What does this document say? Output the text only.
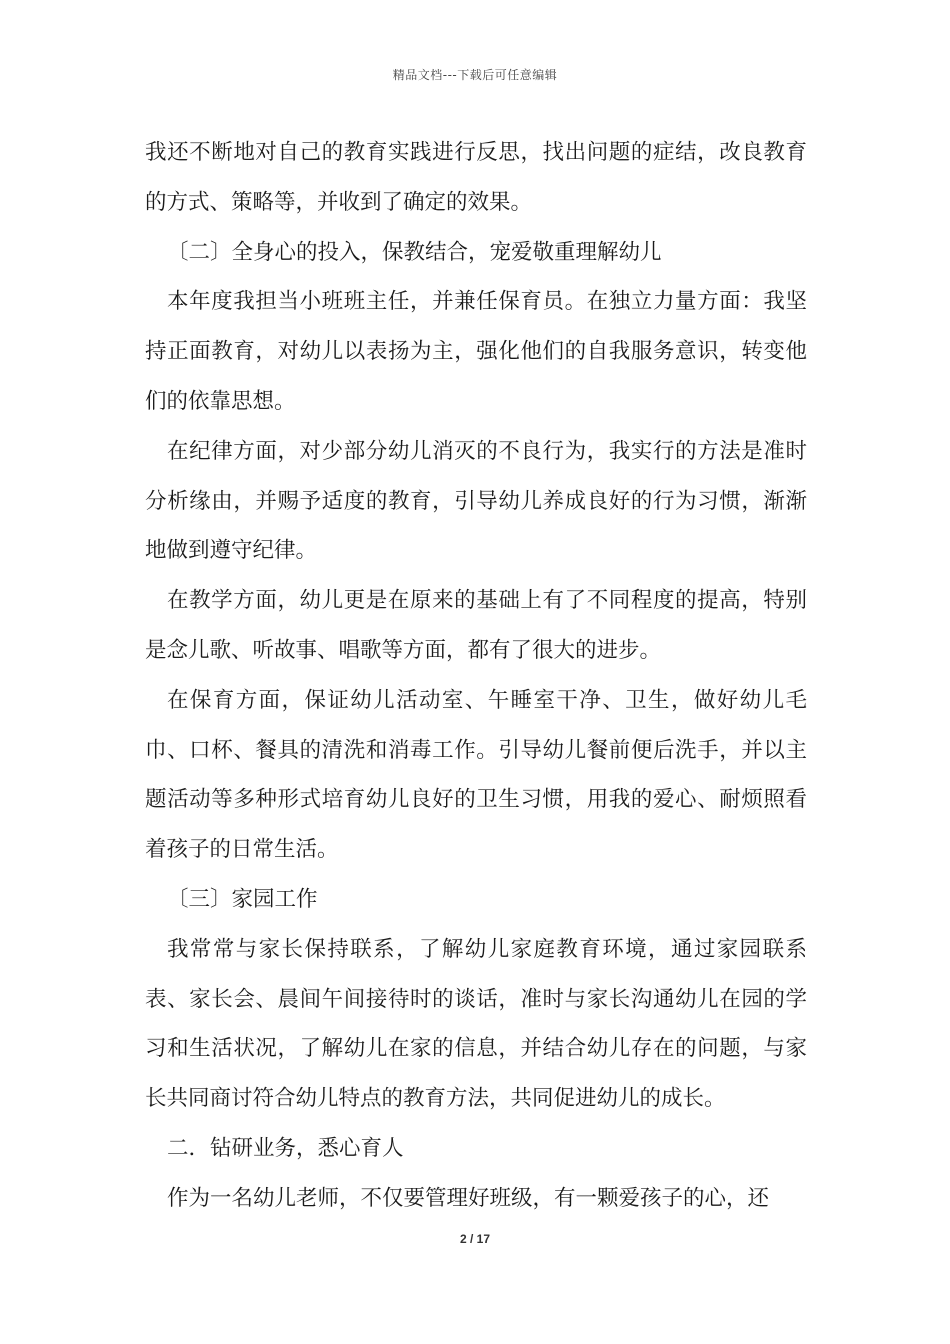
精品文档---下载后可任意编辑

我还不断地对自己的教育实践进行反思，找出问题的症结，改良教育的方式、策略等，并收到了确定的效果。

〔二〕全身心的投入，保教结合，宠爱敬重理解幼儿

本年度我担当小班班主任，并兼任保育员。在独立力量方面：我坚持正面教育，对幼儿以表扬为主，强化他们的自我服务意识，转变他们的依靠思想。

在纪律方面，对少部分幼儿消灭的不良行为，我实行的方法是准时分析缘由，并赐予适度的教育，引导幼儿养成良好的行为习惯，渐渐地做到遵守纪律。

在教学方面，幼儿更是在原来的基础上有了不同程度的提高，特别是念儿歌、听故事、唱歌等方面，都有了很大的进步。

在保育方面，保证幼儿活动室、午睡室干净、卫生，做好幼儿毛巾、口杯、餐具的清洗和消毒工作。引导幼儿餐前便后洗手，并以主题活动等多种形式培育幼儿良好的卫生习惯，用我的爱心、耐烦照看着孩子的日常生活。

〔三〕家园工作

我常常与家长保持联系，了解幼儿家庭教育环境，通过家园联系表、家长会、晨间午间接待时的谈话，准时与家长沟通幼儿在园的学习和生活状况，了解幼儿在家的信息，并结合幼儿存在的问题，与家长共同商讨符合幼儿特点的教育方法，共同促进幼儿的成长。

二．钻研业务，悉心育人

作为一名幼儿老师，不仅要管理好班级，有一颗爱孩子的心，还

2 / 17
